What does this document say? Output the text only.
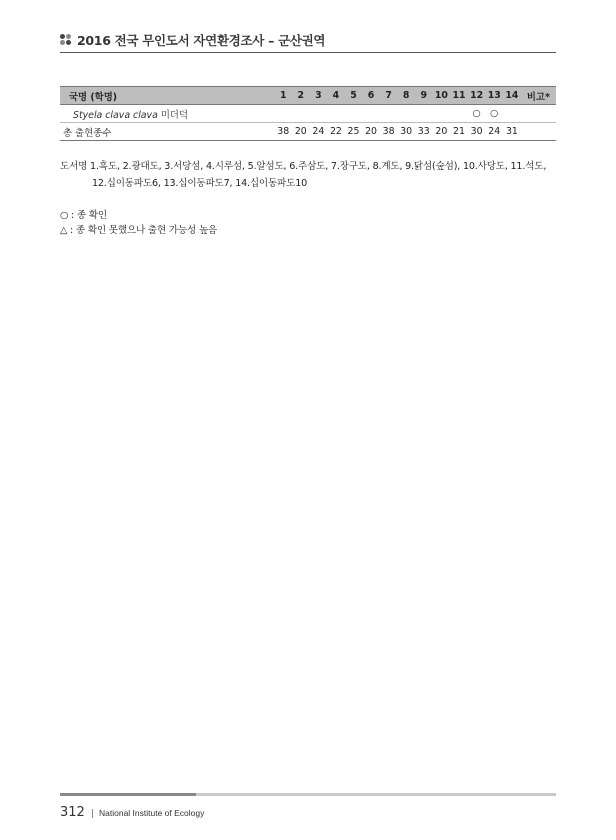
2016 전국 무인도서 자연환경조사 – 군산권역
국명 (학명)	1	2	3	4	5	6	7	8	9	10	11	12	13	14	비고*
Styela clava clava 미더덕												○	○		
총 출현종수	38	20	24	22	25	20	38	30	33	20	21	30	24	31	
도서명 1.흑도, 2.광대도, 3.서당섬, 4.시루섬, 5.알섬도, 6.주삼도, 7.장구도, 8.계도, 9.닭섬(숲섬), 10.사당도, 11.석도,
12.십이동파도6, 13.십이동파도7, 14.십이동파도10
○ : 종 확인
△ : 종 확인 못했으나 출현 가능성 높음
312 National Institute of Ecology
